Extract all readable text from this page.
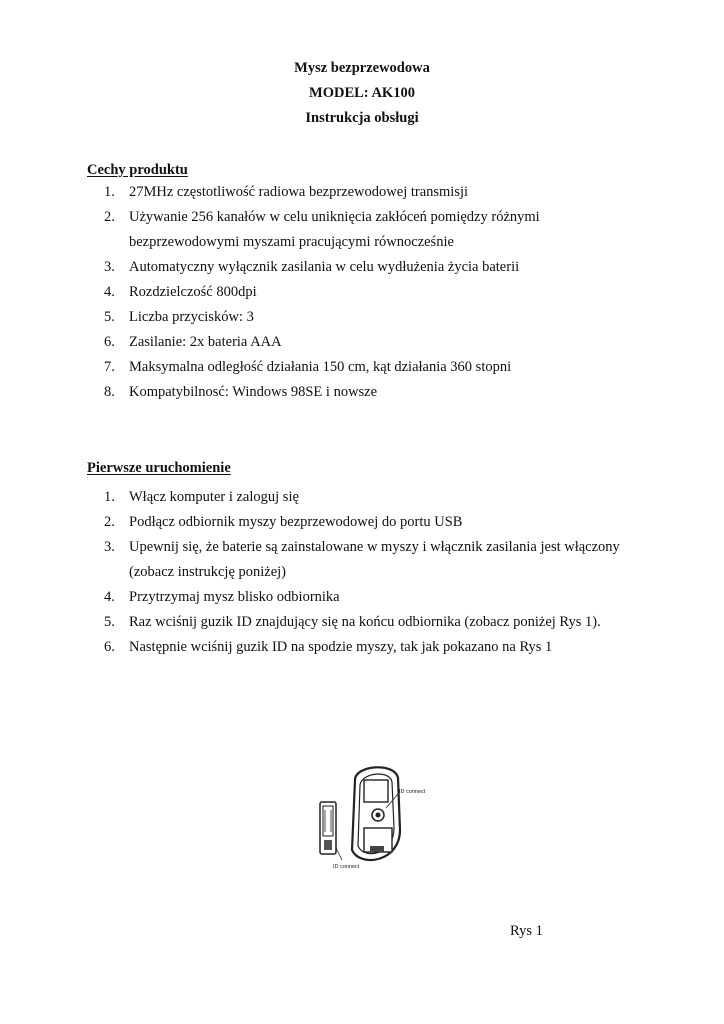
Mysz bezprzewodowa
MODEL: AK100
Instrukcja obsługi
Cechy produktu
1. 27MHz częstotliwość radiowa bezprzewodowej transmisji
2. Używanie 256 kanałów w celu uniknięcia zakłóceń pomiędzy różnymi
bezprzewodowymi myszami pracującymi równocześnie
3. Automatyczny wyłącznik zasilania w celu wydłużenia życia baterii
4. Rozdzielczość 800dpi
5. Liczba przycisków: 3
6. Zasilanie: 2x bateria AAA
7. Maksymalna odległość działania 150 cm, kąt działania 360 stopni
8. Kompatybilnosć: Windows 98SE i nowsze
Pierwsze uruchomienie
1. Włącz komputer i zaloguj się
2. Podłącz odbiornik myszy bezprzewodowej do portu USB
3. Upewnij się, że baterie są zainstalowane w myszy i włącznik zasilania jest włączony
(zobacz instrukcję poniżej)
4. Przytrzymaj mysz blisko odbiornika
5. Raz wciśnij guzik ID znajdujący się na końcu odbiornika (zobacz poniżej Rys 1).
6. Następnie wciśnij guzik ID na spodzie myszy, tak jak pokazano na Rys 1
ID connect
ID connect
Rys 1
